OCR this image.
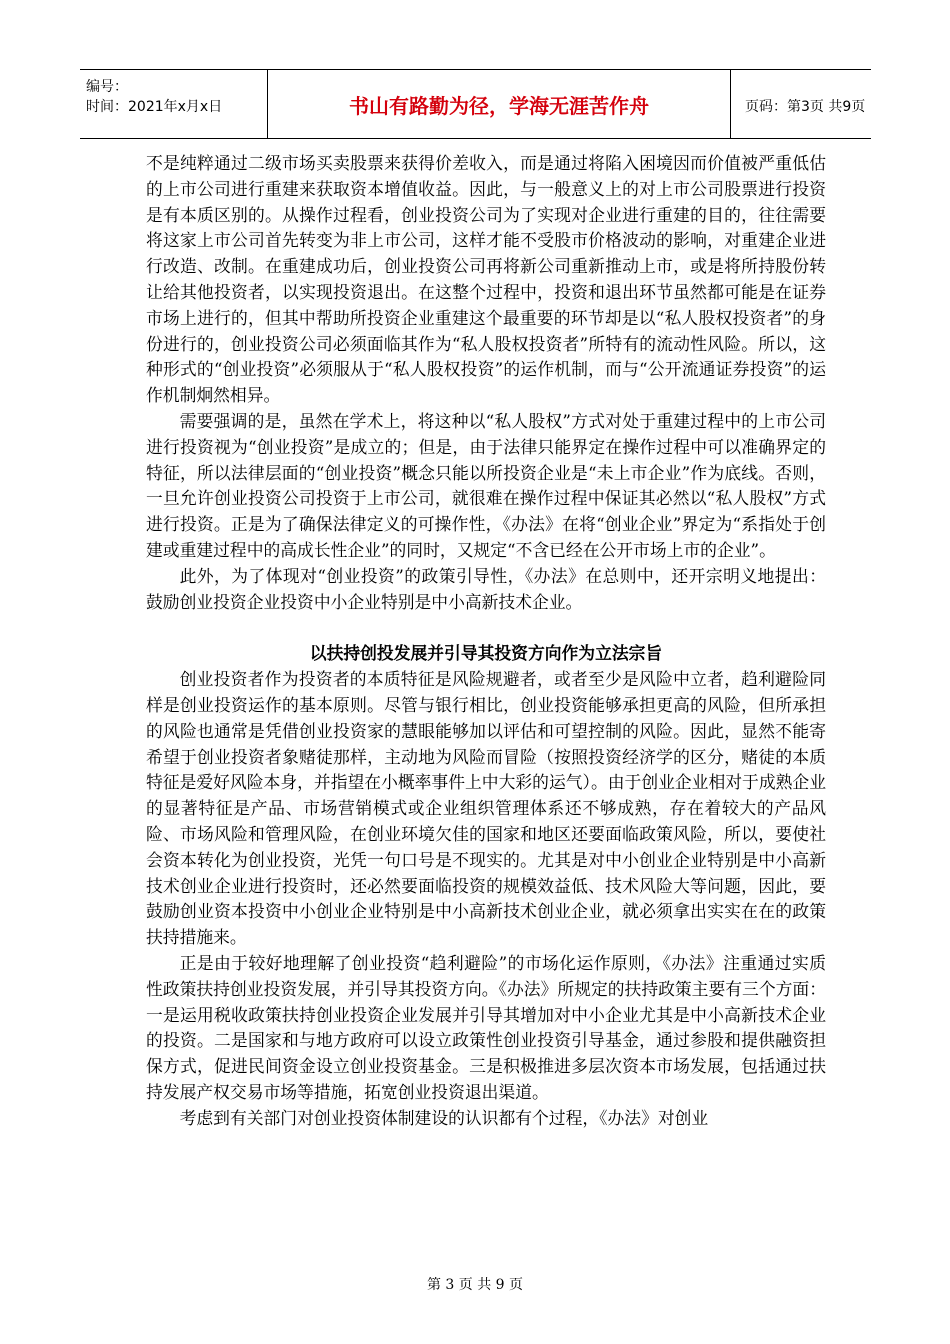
编号：
时间：2021年x月x日	书山有路勤为径，学海无涯苦作舟	页码：第3页 共9页

不是纯粹通过二级市场买卖股票来获得价差收入，而是通过将陷入困境因而价值被严重低估的上市公司进行重建来获取资本增值收益。因此，与一般意义上的对上市公司股票进行投资是有本质区别的。从操作过程看，创业投资公司为了实现对企业进行重建的目的，往往需要将这家上市公司首先转变为非上市公司，这样才能不受股市价格波动的影响，对重建企业进行改造、改制。在重建成功后，创业投资公司再将新公司重新推动上市，或是将所持股份转让给其他投资者，以实现投资退出。在这整个过程中，投资和退出环节虽然都可能是在证券市场上进行的，但其中帮助所投资企业重建这个最重要的环节却是以“私人股权投资者”的身份进行的，创业投资公司必须面临其作为“私人股权投资者”所特有的流动性风险。所以，这种形式的“创业投资”必须服从于“私人股权投资”的运作机制，而与“公开流通证券投资”的运作机制炯然相异。

需要强调的是，虽然在学术上，将这种以“私人股权”方式对处于重建过程中的上市公司进行投资视为“创业投资”是成立的；但是，由于法律只能界定在操作过程中可以准确界定的特征，所以法律层面的“创业投资”概念只能以所投资企业是“未上市企业”作为底线。否则，一旦允许创业投资公司投资于上市公司，就很难在操作过程中保证其必然以“私人股权”方式进行投资。正是为了确保法律定义的可操作性，《办法》在将“创业企业”界定为“系指处于创建或重建过程中的高成长性企业”的同时，又规定“不含已经在公开市场上市的企业”。

此外，为了体现对“创业投资”的政策引导性，《办法》在总则中，还开宗明义地提出：鼓励创业投资企业投资中小企业特别是中小高新技术企业。

以扶持创投发展并引导其投资方向作为立法宗旨

创业投资者作为投资者的本质特征是风险规避者，或者至少是风险中立者，趋利避险同样是创业投资运作的基本原则。尽管与银行相比，创业投资能够承担更高的风险，但所承担的风险也通常是凭借创业投资家的慧眼能够加以评估和可望控制的风险。因此，显然不能寄希望于创业投资者象赌徒那样，主动地为风险而冒险（按照投资经济学的区分，赌徒的本质特征是爱好风险本身，并指望在小概率事件上中大彩的运气）。由于创业企业相对于成熟企业的显著特征是产品、市场营销模式或企业组织管理体系还不够成熟，存在着较大的产品风险、市场风险和管理风险，在创业环境欠佳的国家和地区还要面临政策风险，所以，要使社会资本转化为创业投资，光凭一句口号是不现实的。尤其是对中小创业企业特别是中小高新技术创业企业进行投资时，还必然要面临投资的规模效益低、技术风险大等问题，因此，要鼓励创业资本投资中小创业企业特别是中小高新技术创业企业，就必须拿出实实在在的政策扶持措施来。

正是由于较好地理解了创业投资“趋利避险”的市场化运作原则，《办法》注重通过实质性政策扶持创业投资发展，并引导其投资方向。《办法》所规定的扶持政策主要有三个方面：一是运用税收政策扶持创业投资企业发展并引导其增加对中小企业尤其是中小高新技术企业的投资。二是国家和与地方政府可以设立政策性创业投资引导基金，通过参股和提供融资担保方式，促进民间资金设立创业投资基金。三是积极推进多层次资本市场发展，包括通过扶持发展产权交易市场等措施，拓宽创业投资退出渠道。

考虑到有关部门对创业投资体制建设的认识都有个过程，《办法》对创业

第 3 页 共 9 页
